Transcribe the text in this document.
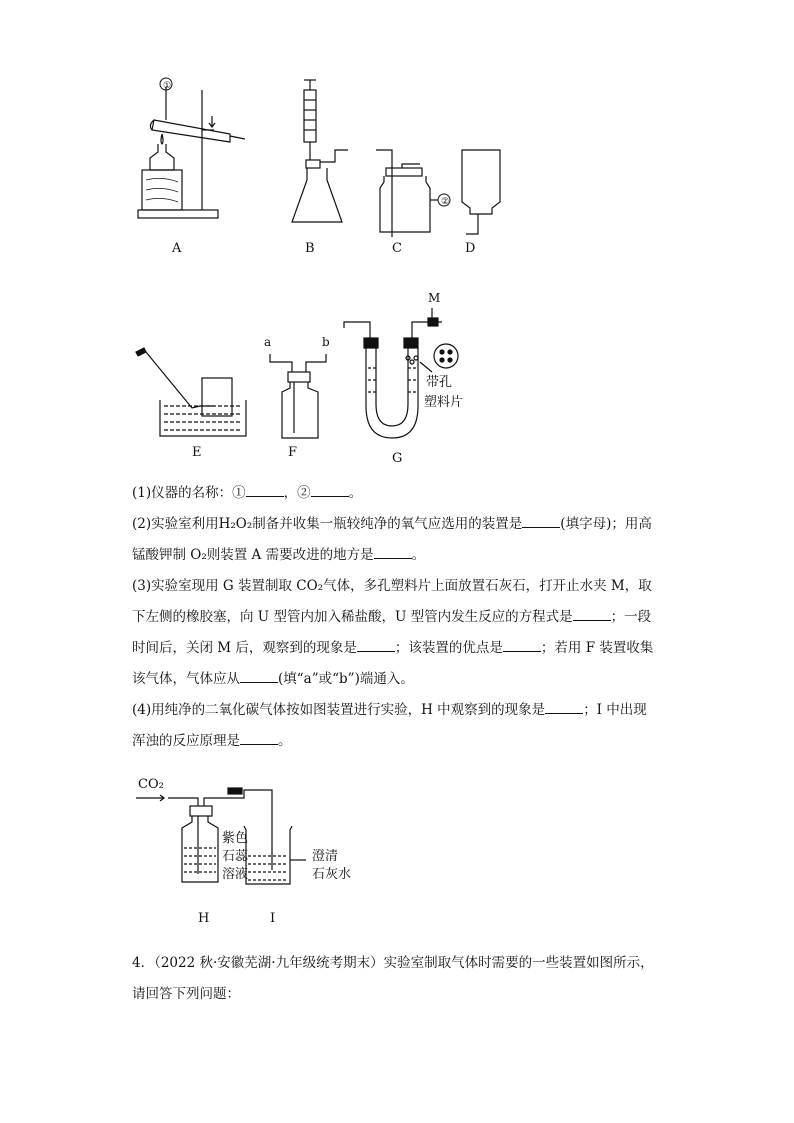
①
②
A	B	C	D
E
a	b
F
M
带孔
塑料片
G

(1)仪器的名称：①	，②	。

(2)实验室利用H₂O₂制备并收集一瓶较纯净的氧气应选用的装置是	(填字母)；用高

锰酸钾制 O₂则装置 A 需要改进的地方是	。

(3)实验室现用 G 装置制取 CO₂气体，多孔塑料片上面放置石灰石，打开止水夹 M，取

下左侧的橡胶塞，向 U 型管内加入稀盐酸，U 型管内发生反应的方程式是	；一段

时间后，关闭 M 后，观察到的现象是	；该装置的优点是	；若用 F 装置收集

该气体，气体应从	(填“a”或“b”)端通入。

(4)用纯净的二氧化碳气体按如图装置进行实验，H 中观察到的现象是	；I 中出现

浑浊的反应原理是	。

CO₂
紫色
石蕊
溶液
澄清
石灰水
H	I

4．（2022 秋·安徽芜湖·九年级统考期末）实验室制取气体时需要的一些装置如图所示，

请回答下列问题：
